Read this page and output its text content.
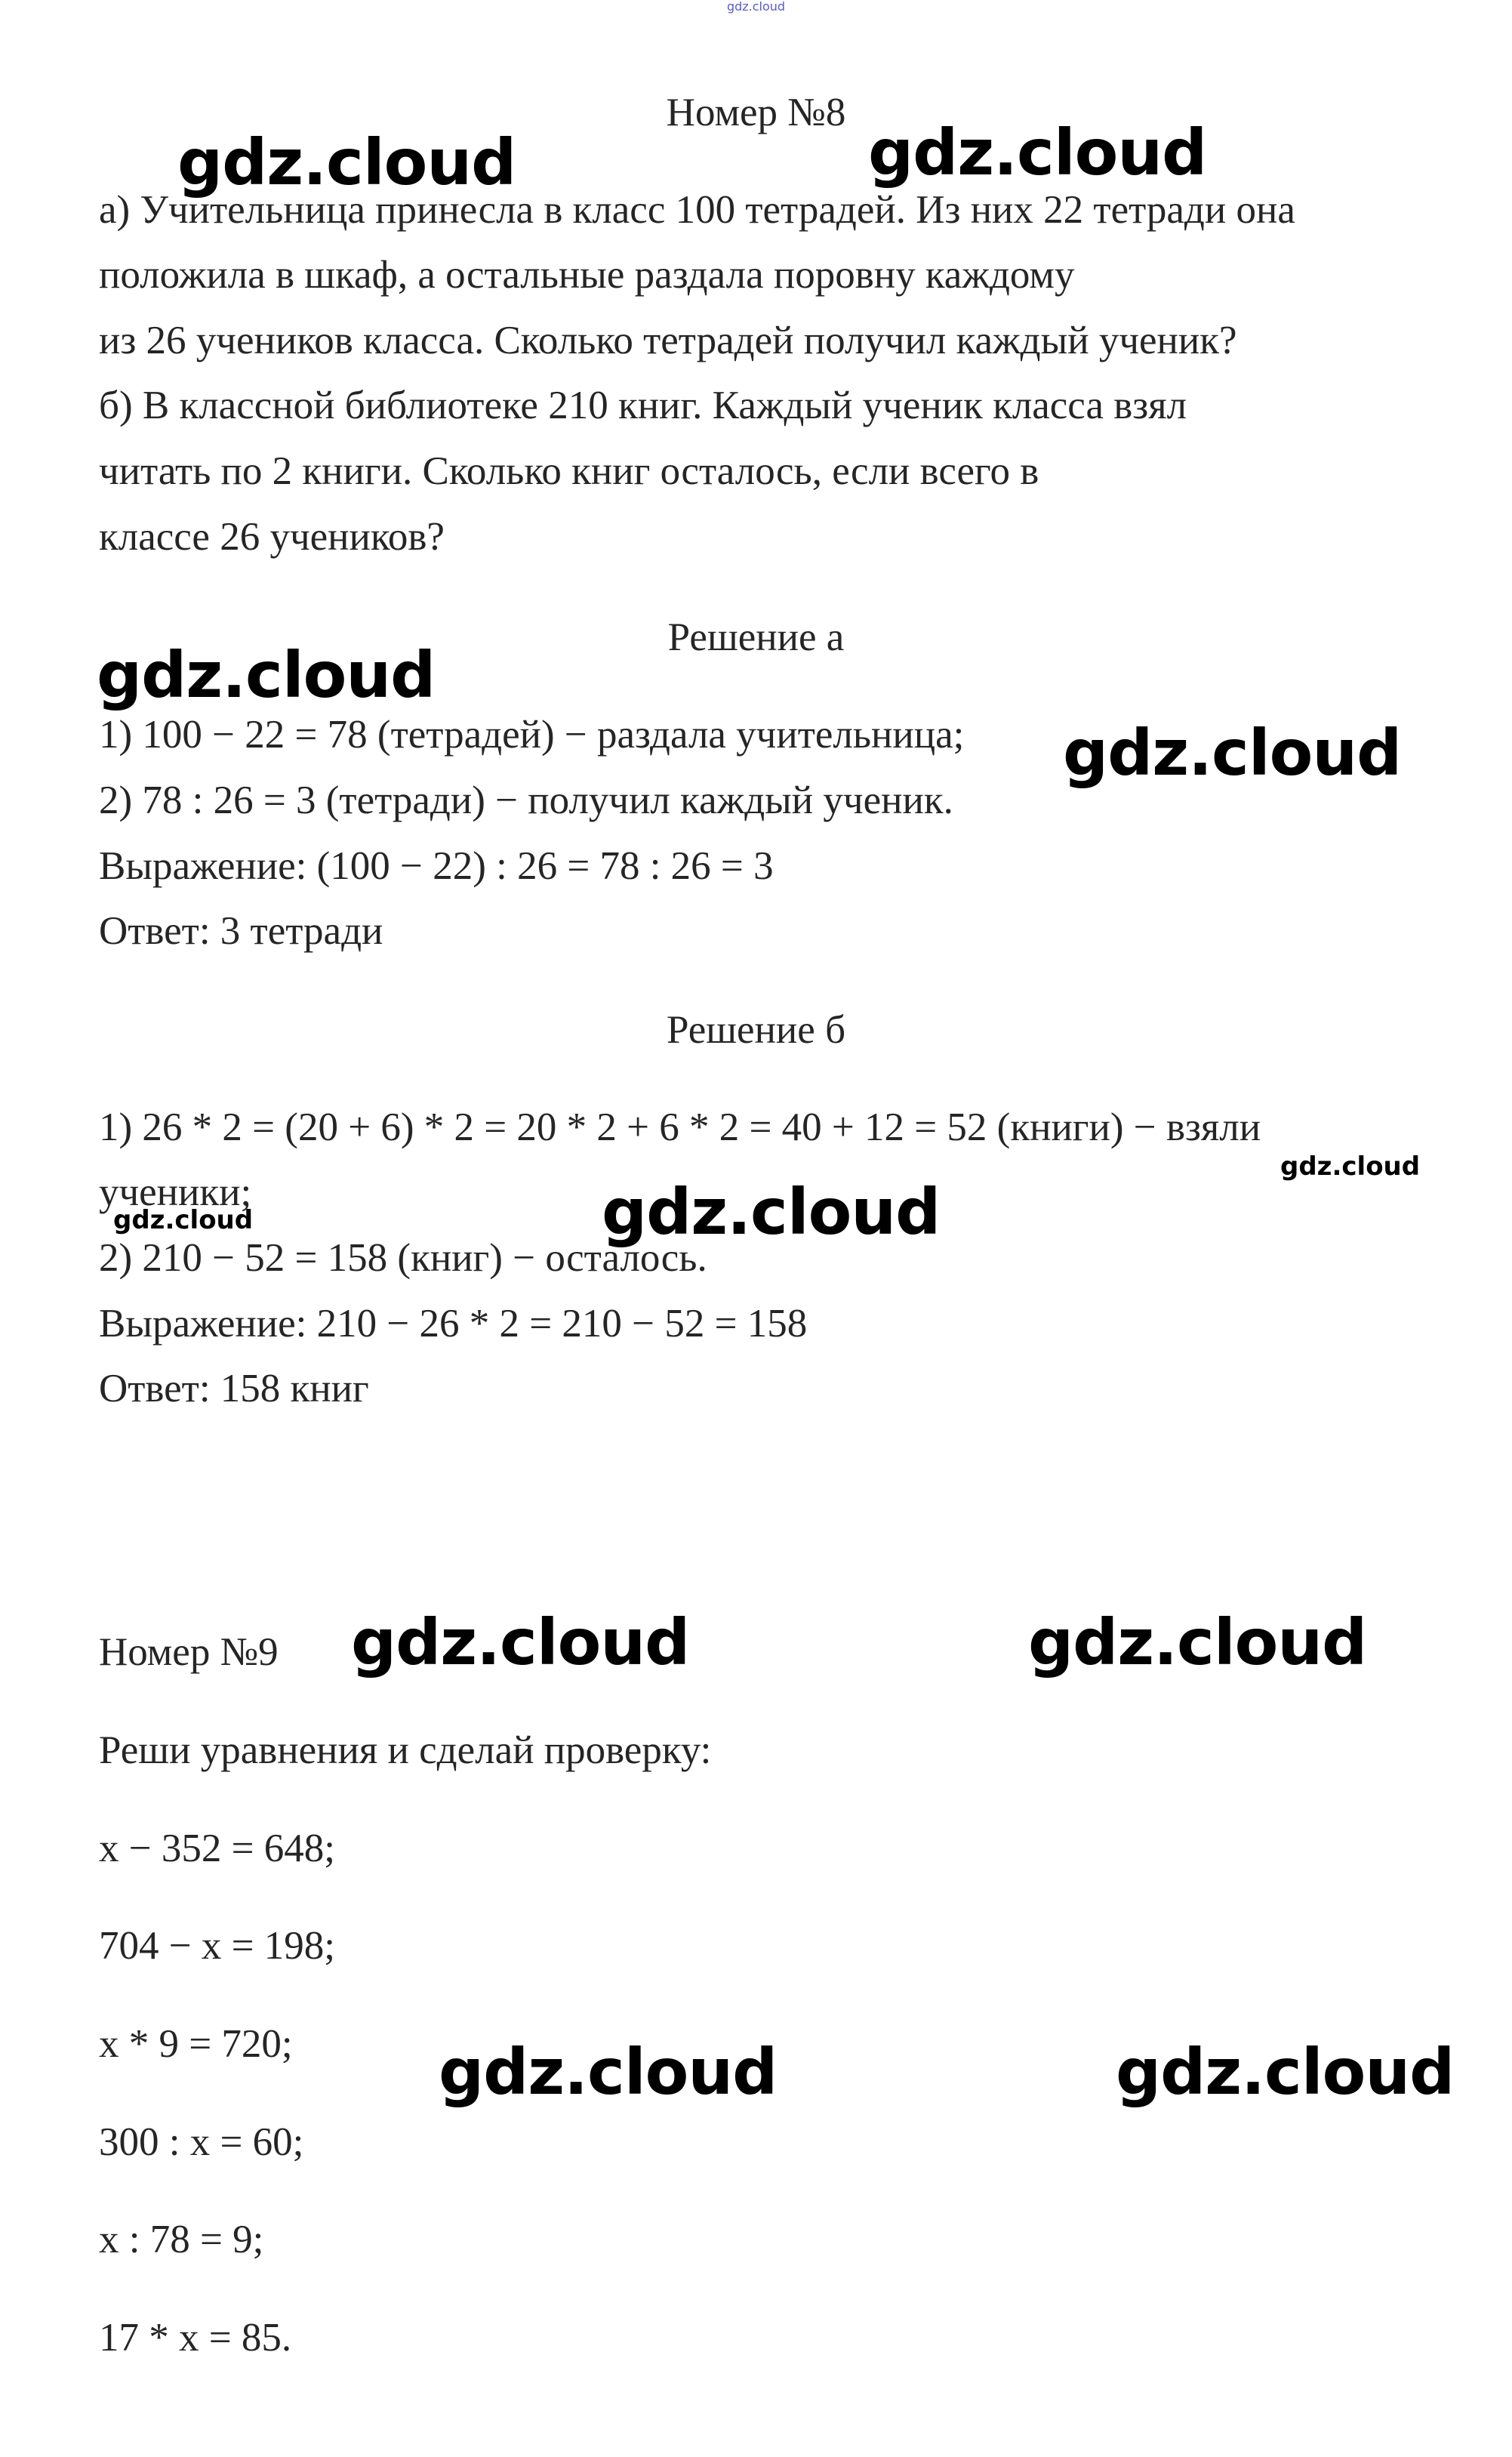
gdz.cloud
Номер №8
а) Учительница принесла в класс 100 тетрадей. Из них 22 тетради она
положила в шкаф, а остальные раздала поровну каждому
из 26 учеников класса. Сколько тетрадей получил каждый ученик?
б) В классной библиотеке 210 книг. Каждый ученик класса взял
читать по 2 книги. Сколько книг осталось, если всего в
классе 26 учеников?
Решение а
1) 100 − 22 = 78 (тетрадей) − раздала учительница;
2) 78 : 26 = 3 (тетради) − получил каждый ученик.
Выражение: (100 − 22) : 26 = 78 : 26 = 3
Ответ: 3 тетради
Решение б
1) 26 * 2 = (20 + 6) * 2 = 20 * 2 + 6 * 2 = 40 + 12 = 52 (книги) − взяли
ученики;
2) 210 − 52 = 158 (книг) − осталось.
Выражение: 210 − 26 * 2 = 210 − 52 = 158
Ответ: 158 книг
Номер №9
Реши уравнения и сделай проверку:
x − 352 = 648;
704 − x = 198;
x * 9 = 720;
300 : x = 60;
x : 78 = 9;
17 * x = 85.
gdz.cloud	gdz.cloud
gdz.cloud
gdz.cloud
gdz.cloud
gdz.cloud	gdz.cloud
gdz.cloud	gdz.cloud
gdz.cloud	gdz.cloud
